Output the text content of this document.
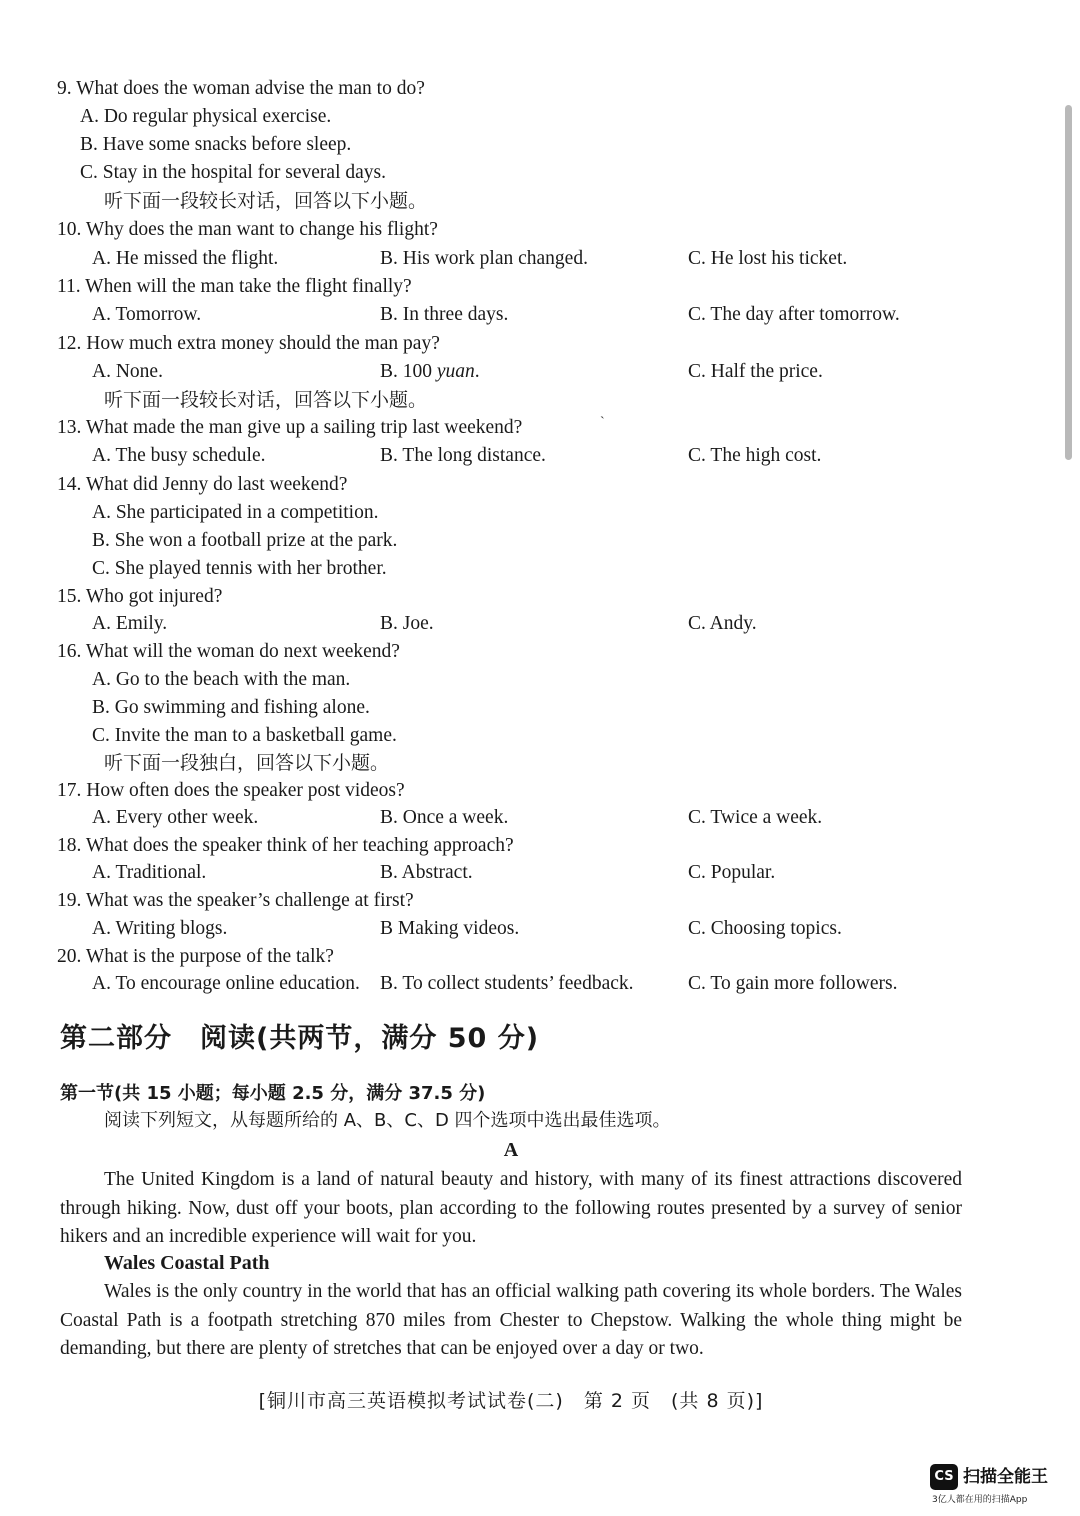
9. What does the woman advise the man to do?
A. Do regular physical exercise.
B. Have some snacks before sleep.
C. Stay in the hospital for several days.
听下面一段较长对话，回答以下小题。
10. Why does the man want to change his flight?
A. He missed the flight.	B. His work plan changed.	C. He lost his ticket.
11. When will the man take the flight finally?
A. Tomorrow.	B. In three days.	C. The day after tomorrow.
12. How much extra money should the man pay?
A. None.	B. 100 yuan.	C. Half the price.
听下面一段较长对话，回答以下小题。
13. What made the man give up a sailing trip last weekend?	ˋ
A. The busy schedule.	B. The long distance.	C. The high cost.
14. What did Jenny do last weekend?
A. She participated in a competition.
B. She won a football prize at the park.
C. She played tennis with her brother.
15. Who got injured?
A. Emily.	B. Joe.	C. Andy.
16. What will the woman do next weekend?
A. Go to the beach with the man.
B. Go swimming and fishing alone.
C. Invite the man to a basketball game.
听下面一段独白，回答以下小题。
17. How often does the speaker post videos?
A. Every other week.	B. Once a week.	C. Twice a week.
18. What does the speaker think of her teaching approach?
A. Traditional.	B. Abstract.	C. Popular.
19. What was the speaker’s challenge at first?
A. Writing blogs.	B Making videos.	C. Choosing topics.
20. What is the purpose of the talk?
A. To encourage online education. B. To collect students’ feedback.	C. To gain more followers.
第二部分　阅读(共两节，满分 50 分)
第一节(共 15 小题；每小题 2.5 分，满分 37.5 分)
阅读下列短文，从每题所给的 A、B、C、D 四个选项中选出最佳选项。
A
The United Kingdom is a land of natural beauty and history, with many of its finest attractions discovered through hiking. Now, dust off your boots, plan according to the following routes presented by a survey of senior hikers and an incredible experience will wait for you.
Wales Coastal Path
Wales is the only country in the world that has an official walking path covering its whole borders. The Wales Coastal Path is a footpath stretching 870 miles from Chester to Chepstow. Walking the whole thing might be demanding, but there are plenty of stretches that can be enjoyed over a day or two.
[铜川市高三英语模拟考试试卷(二)　第 2 页　(共 8 页)]
CS 扫描全能王
3亿人都在用的扫描App
